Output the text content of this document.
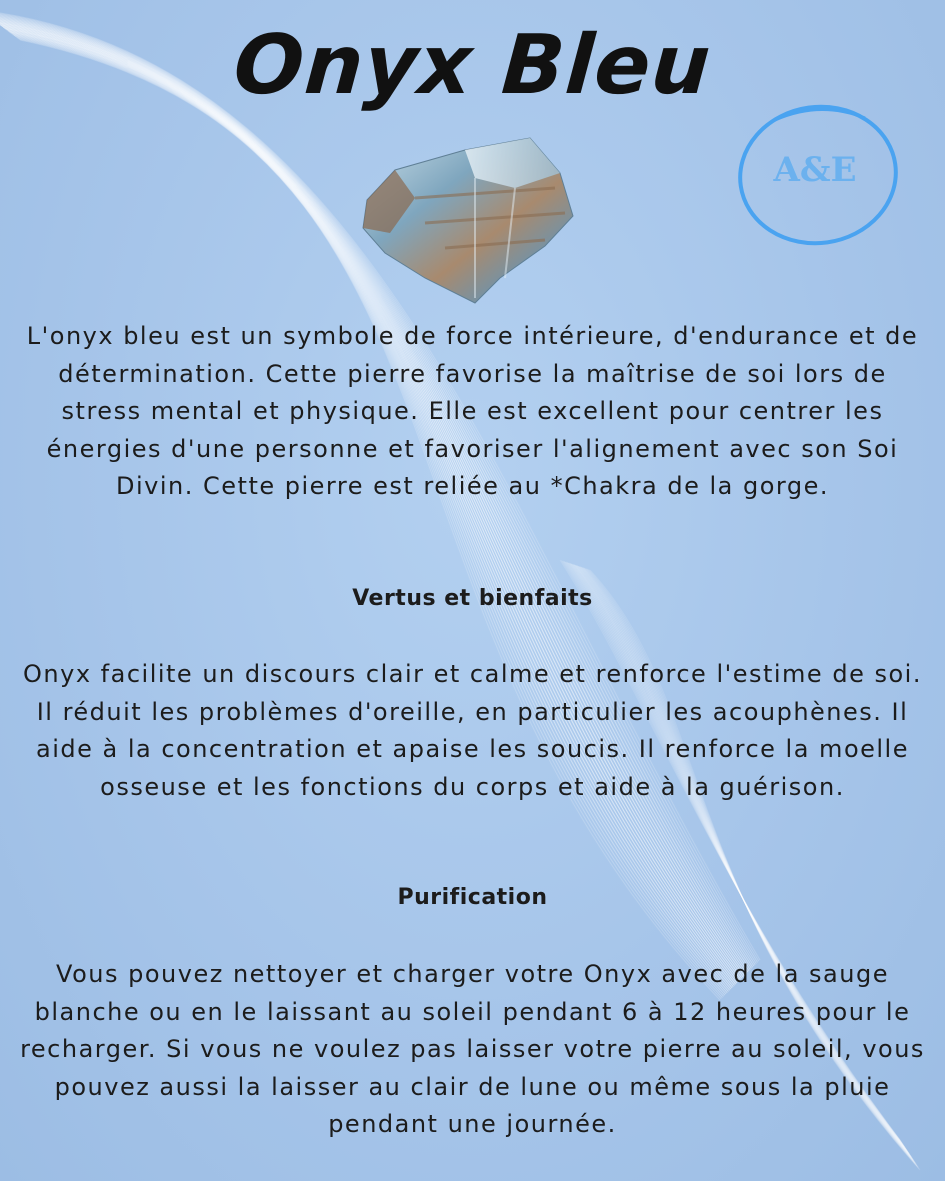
Onyx Bleu
A&E

L'onyx bleu est un symbole de force intérieure, d'endurance et de détermination. Cette pierre favorise la maîtrise de soi lors de stress mental et physique. Elle est excellent pour centrer les énergies d'une personne et favoriser l'alignement avec son Soi Divin. Cette pierre est reliée au *Chakra de la gorge.

Vertus et bienfaits

Onyx facilite un discours clair et calme et renforce l'estime de soi. Il réduit les problèmes d'oreille, en particulier les acouphènes. Il aide à la concentration et apaise les soucis. Il renforce la moelle osseuse et les fonctions du corps et aide à la guérison.

Purification

Vous pouvez nettoyer et charger votre Onyx avec de la sauge blanche ou en le laissant au soleil pendant 6 à 12 heures pour le recharger. Si vous ne voulez pas laisser votre pierre au soleil, vous pouvez aussi la laisser au clair de lune ou même sous la pluie pendant une journée.
